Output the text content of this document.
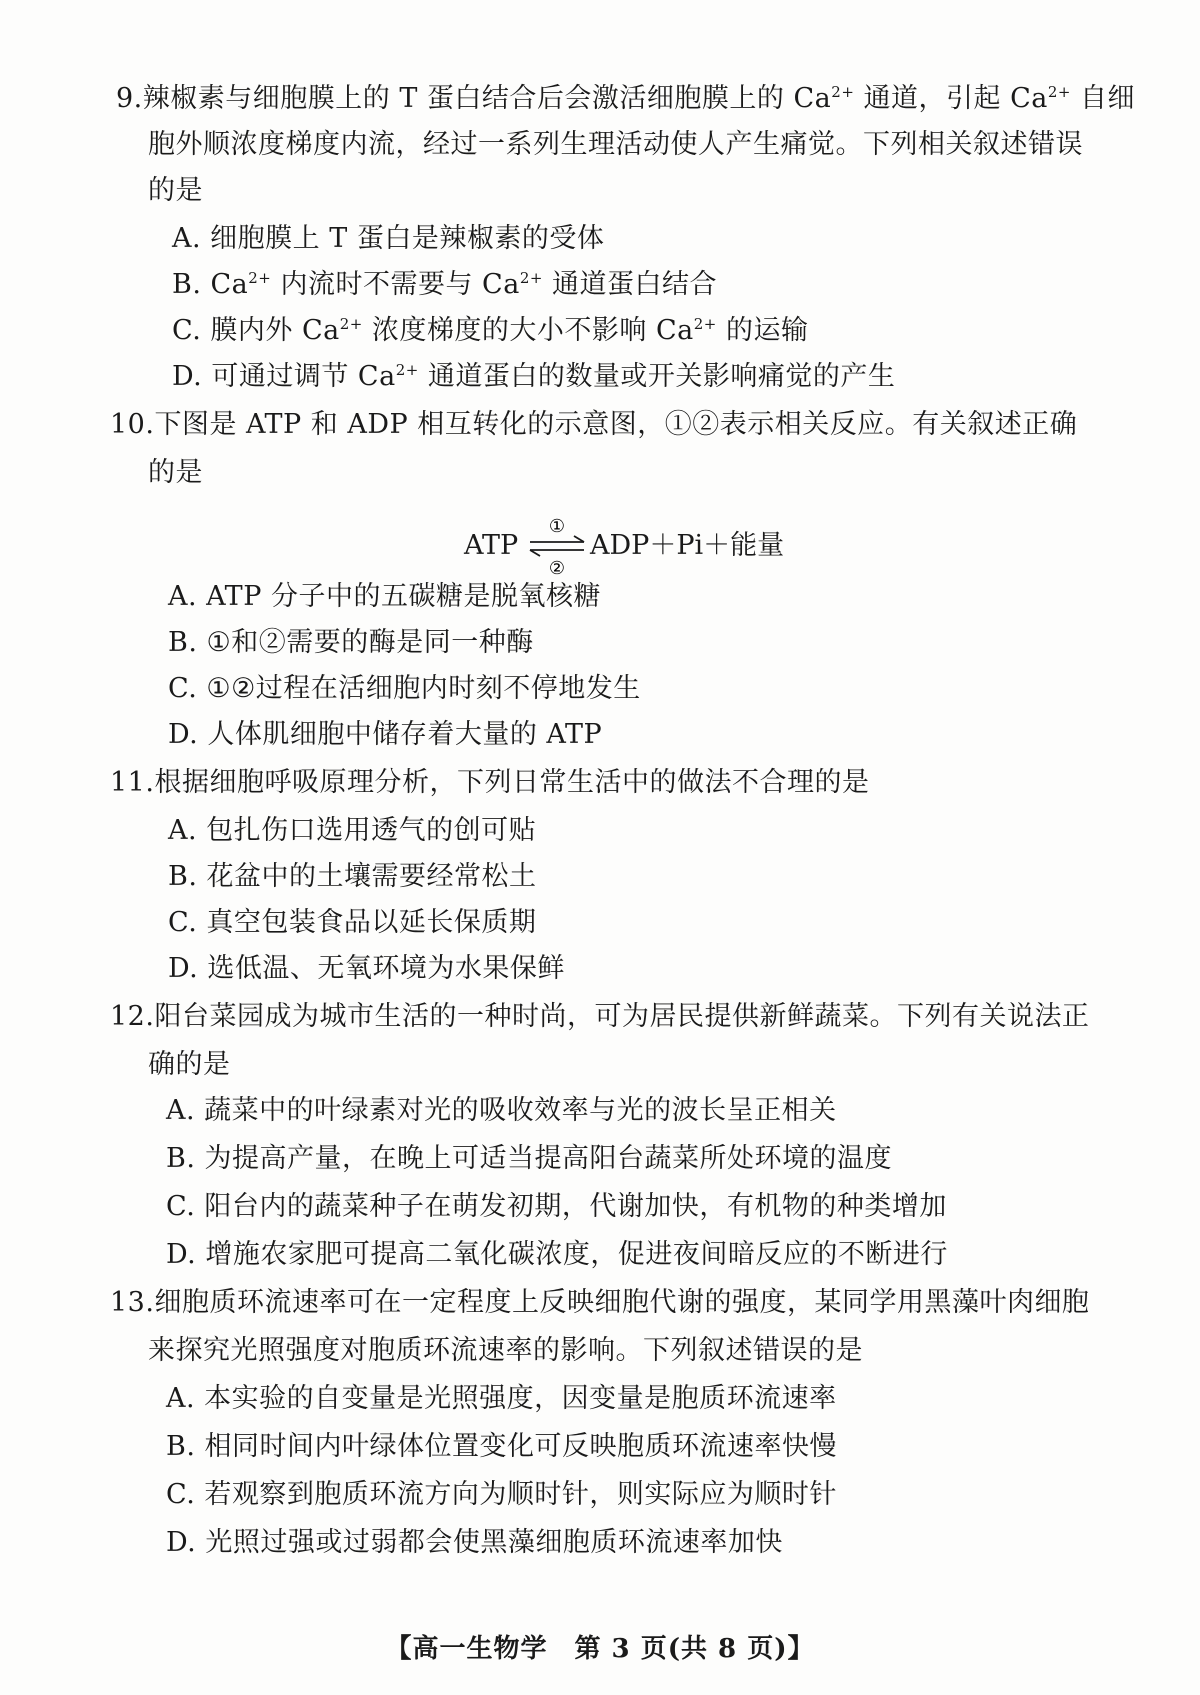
9.辣椒素与细胞膜上的 T 蛋白结合后会激活细胞膜上的 $Ca^{2+}$ 通道，引起 $Ca^{2+}$ 自细
胞外顺浓度梯度内流，经过一系列生理活动使人产生痛觉。下列相关叙述错误
的是
A. 细胞膜上 T 蛋白是辣椒素的受体
B. $Ca^{2+}$ 内流时不需要与 $Ca^{2+}$ 通道蛋白结合
C. 膜内外 $Ca^{2+}$ 浓度梯度的大小不影响 $Ca^{2+}$ 的运输
D. 可通过调节 $Ca^{2+}$ 通道蛋白的数量或开关影响痛觉的产生
10.下图是 ATP 和 ADP 相互转化的示意图，①②表示相关反应。有关叙述正确
的是
ATP
①
②
ADP＋Pi＋能量
A. ATP 分子中的五碳糖是脱氧核糖
B. ①和②需要的酶是同一种酶
C. ①②过程在活细胞内时刻不停地发生
D. 人体肌细胞中储存着大量的 ATP
11.根据细胞呼吸原理分析，下列日常生活中的做法不合理的是
A. 包扎伤口选用透气的创可贴
B. 花盆中的土壤需要经常松土
C. 真空包装食品以延长保质期
D. 选低温、无氧环境为水果保鲜
12.阳台菜园成为城市生活的一种时尚，可为居民提供新鲜蔬菜。下列有关说法正
确的是
A. 蔬菜中的叶绿素对光的吸收效率与光的波长呈正相关
B. 为提高产量，在晚上可适当提高阳台蔬菜所处环境的温度
C. 阳台内的蔬菜种子在萌发初期，代谢加快，有机物的种类增加
D. 增施农家肥可提高二氧化碳浓度，促进夜间暗反应的不断进行
13.细胞质环流速率可在一定程度上反映细胞代谢的强度，某同学用黑藻叶肉细胞
来探究光照强度对胞质环流速率的影响。下列叙述错误的是
A. 本实验的自变量是光照强度，因变量是胞质环流速率
B. 相同时间内叶绿体位置变化可反映胞质环流速率快慢
C. 若观察到胞质环流方向为顺时针，则实际应为顺时针
D. 光照过强或过弱都会使黑藻细胞质环流速率加快
【高一生物学　第 3 页(共 8 页)】
